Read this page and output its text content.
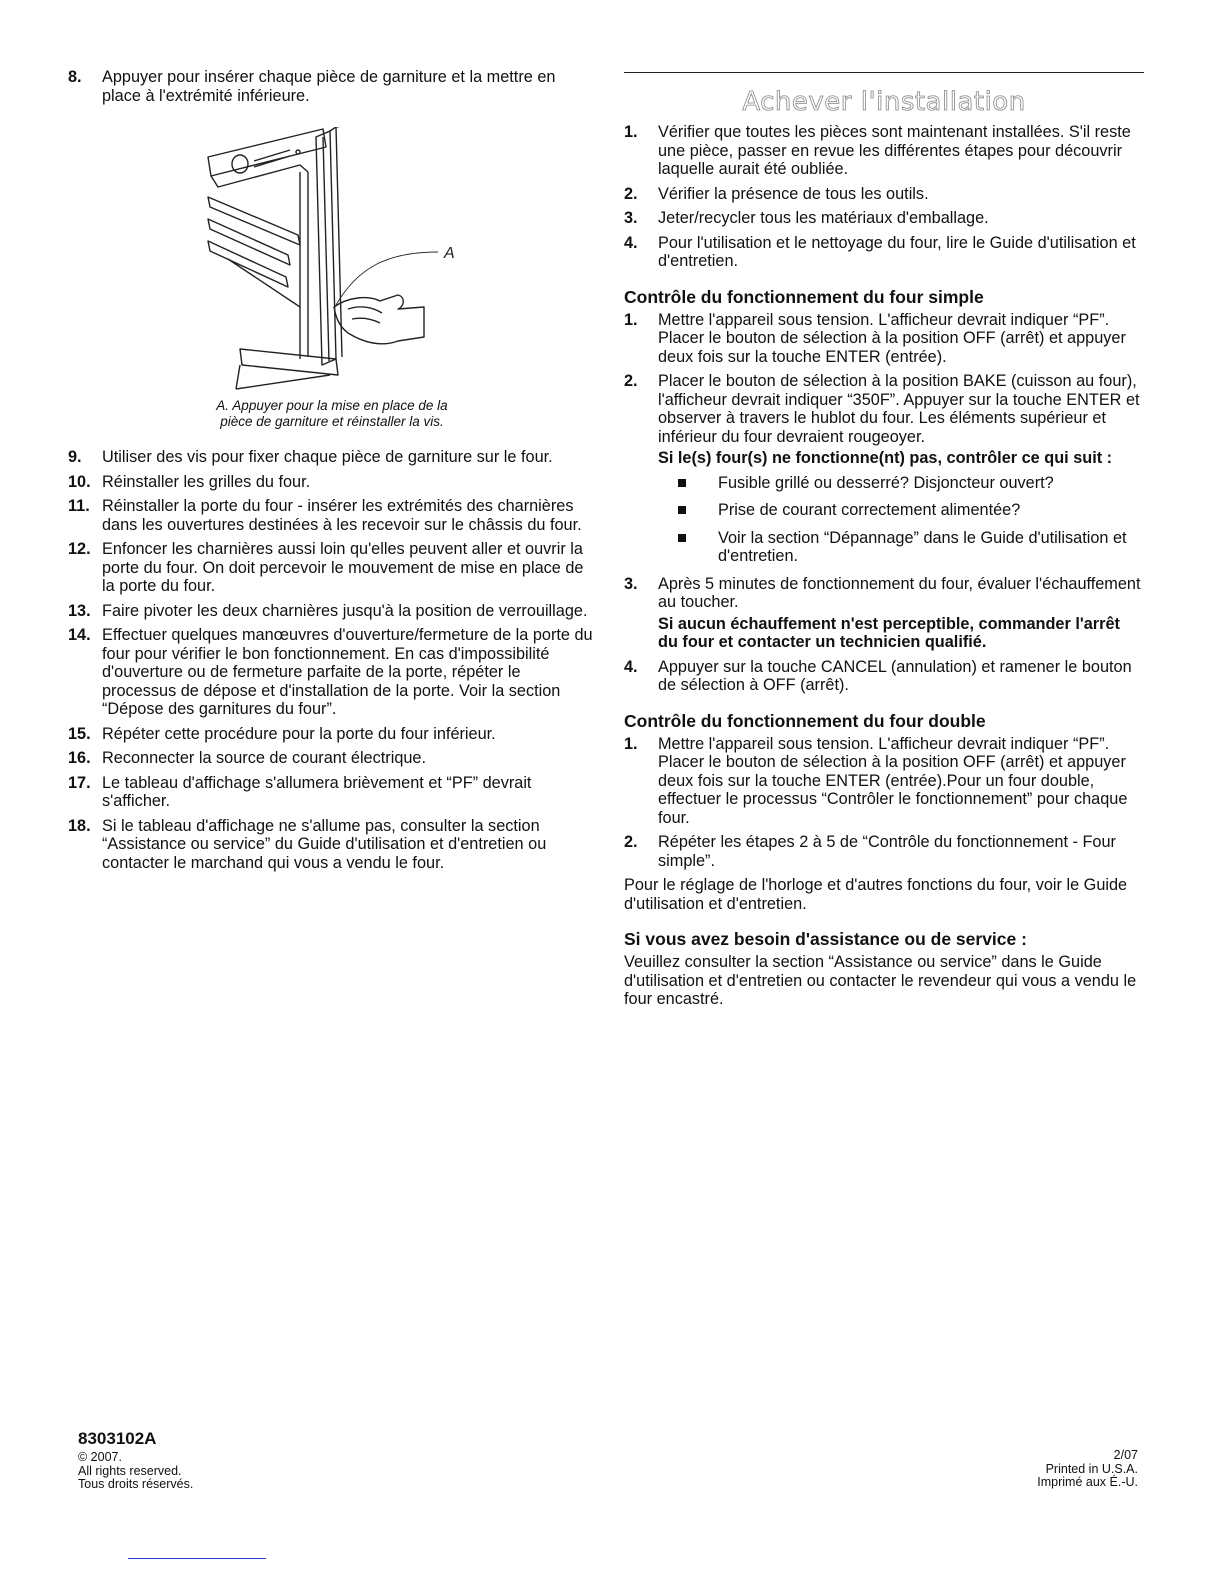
8. Appuyer pour insérer chaque pièce de garniture et la mettre en place à l'extrémité inférieure.
A
A. Appuyer pour la mise en place de la
pièce de garniture et réinstaller la vis.
9. Utiliser des vis pour fixer chaque pièce de garniture sur le four.
10. Réinstaller les grilles du four.
11. Réinstaller la porte du four - insérer les extrémités des charnières dans les ouvertures destinées à les recevoir sur le châssis du four.
12. Enfoncer les charnières aussi loin qu'elles peuvent aller et ouvrir la porte du four. On doit percevoir le mouvement de mise en place de la porte du four.
13. Faire pivoter les deux charnières jusqu'à la position de verrouillage.
14. Effectuer quelques manœuvres d'ouverture/fermeture de la porte du four pour vérifier le bon fonctionnement. En cas d'impossibilité d'ouverture ou de fermeture parfaite de la porte, répéter le processus de dépose et d'installation de la porte. Voir la section “Dépose des garnitures du four”.
15. Répéter cette procédure pour la porte du four inférieur.
16. Reconnecter la source de courant électrique.
17. Le tableau d'affichage s'allumera brièvement et “PF” devrait s'afficher.
18. Si le tableau d'affichage ne s'allume pas, consulter la section “Assistance ou service” du Guide d'utilisation et d'entretien ou contacter le marchand qui vous a vendu le four.
Achever l'installation
1. Vérifier que toutes les pièces sont maintenant installées. S'il reste une pièce, passer en revue les différentes étapes pour découvrir laquelle aurait été oubliée.
2. Vérifier la présence de tous les outils.
3. Jeter/recycler tous les matériaux d'emballage.
4. Pour l'utilisation et le nettoyage du four, lire le Guide d'utilisation et d'entretien.
Contrôle du fonctionnement du four simple
1. Mettre l'appareil sous tension. L'afficheur devrait indiquer “PF”. Placer le bouton de sélection à la position OFF (arrêt) et appuyer deux fois sur la touche ENTER (entrée).
2. Placer le bouton de sélection à la position BAKE (cuisson au four), l'afficheur devrait indiquer “350F”. Appuyer sur la touche ENTER et observer à travers le hublot du four. Les éléments supérieur et inférieur du four devraient rougeoyer.
Si le(s) four(s) ne fonctionne(nt) pas, contrôler ce qui suit :
Fusible grillé ou desserré? Disjoncteur ouvert?
Prise de courant correctement alimentée?
Voir la section “Dépannage” dans le Guide d'utilisation et d'entretien.
3. Après 5 minutes de fonctionnement du four, évaluer l'échauffement au toucher.
Si aucun échauffement n'est perceptible, commander l'arrêt du four et contacter un technicien qualifié.
4. Appuyer sur la touche CANCEL (annulation) et ramener le bouton de sélection à OFF (arrêt).
Contrôle du fonctionnement du four double
1. Mettre l'appareil sous tension. L'afficheur devrait indiquer “PF”. Placer le bouton de sélection à la position OFF (arrêt) et appuyer deux fois sur la touche ENTER (entrée).Pour un four double, effectuer le processus “Contrôler le fonctionnement” pour chaque four.
2. Répéter les étapes 2 à 5 de “Contrôle du fonctionnement - Four simple”.

Pour le réglage de l'horloge et d'autres fonctions du four, voir le Guide d'utilisation et d'entretien.

Si vous avez besoin d'assistance ou de service :

Veuillez consulter la section “Assistance ou service” dans le Guide d'utilisation et d'entretien ou contacter le revendeur qui vous a vendu le four encastré.

8303102A
© 2007.
All rights reserved.
Tous droits réservés.
2/07
Printed in U.S.A.
Imprimé aux É.-U.
